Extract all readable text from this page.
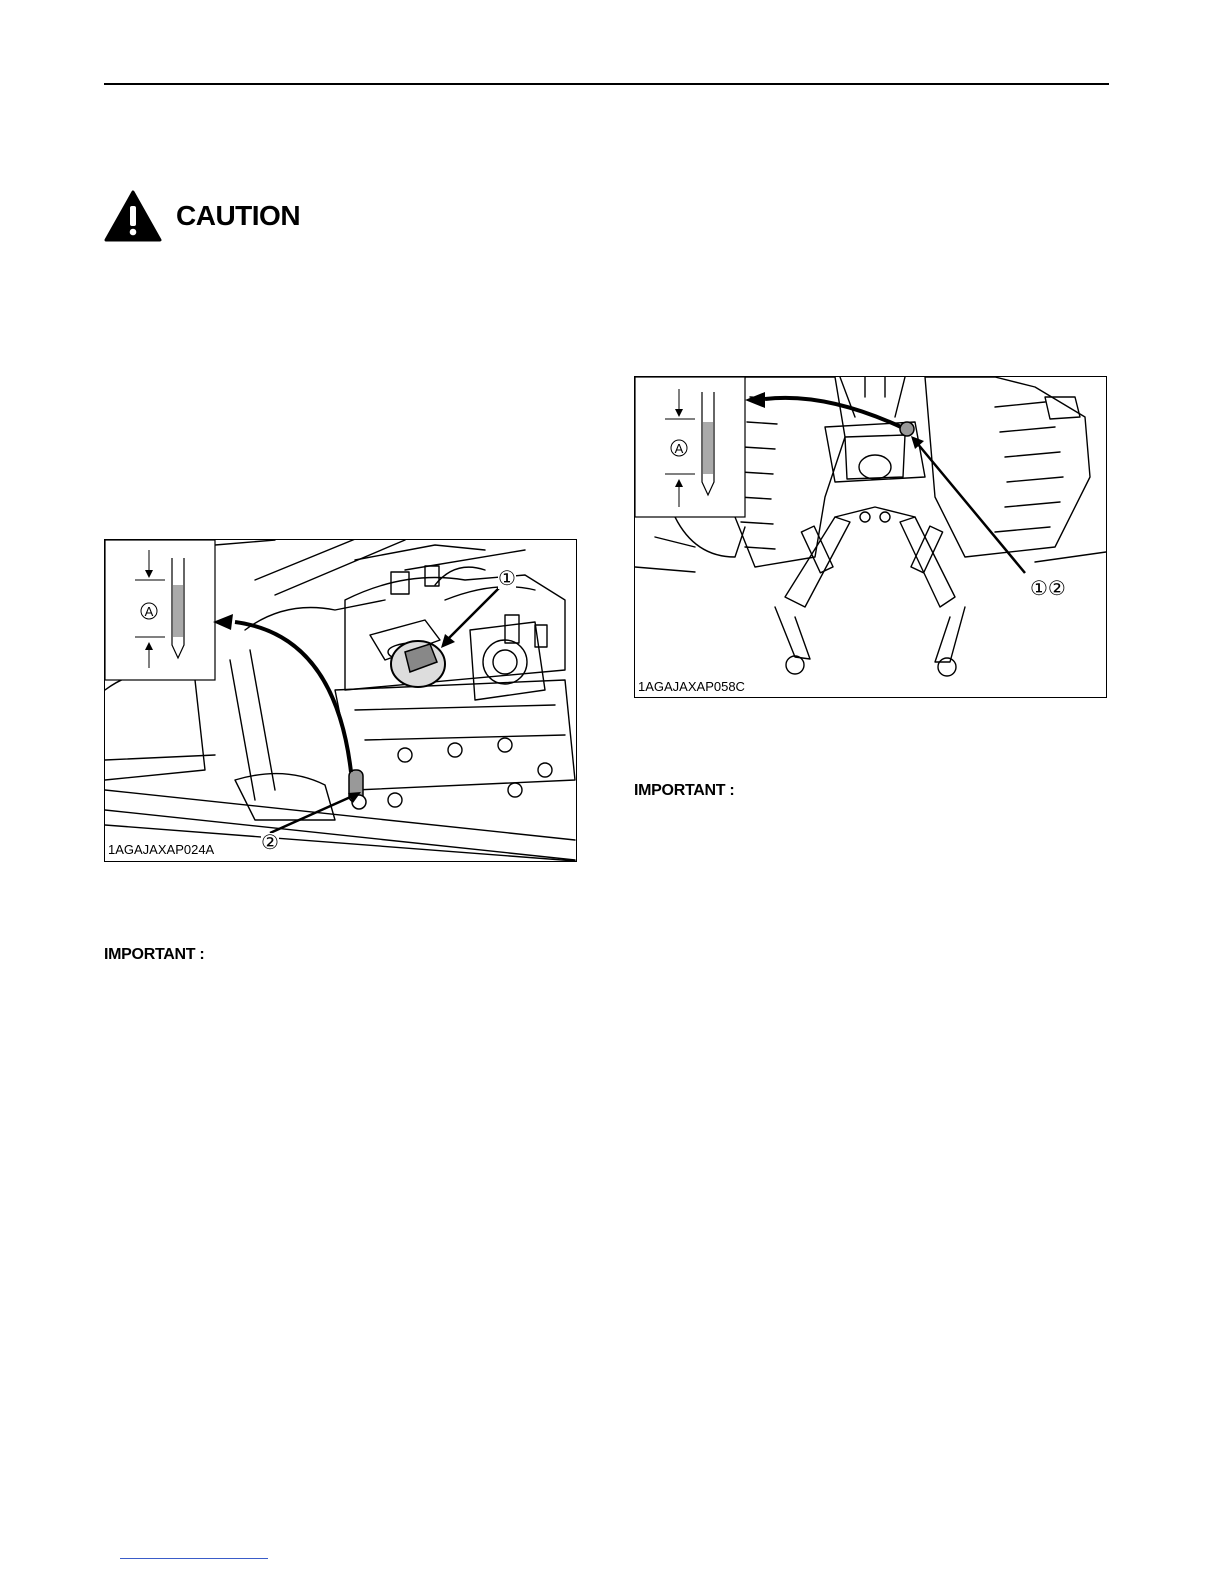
CAUTION
A
①
②
1AGAJAXAP024A
A
①②
1AGAJAXAP058C
IMPORTANT :
IMPORTANT :
